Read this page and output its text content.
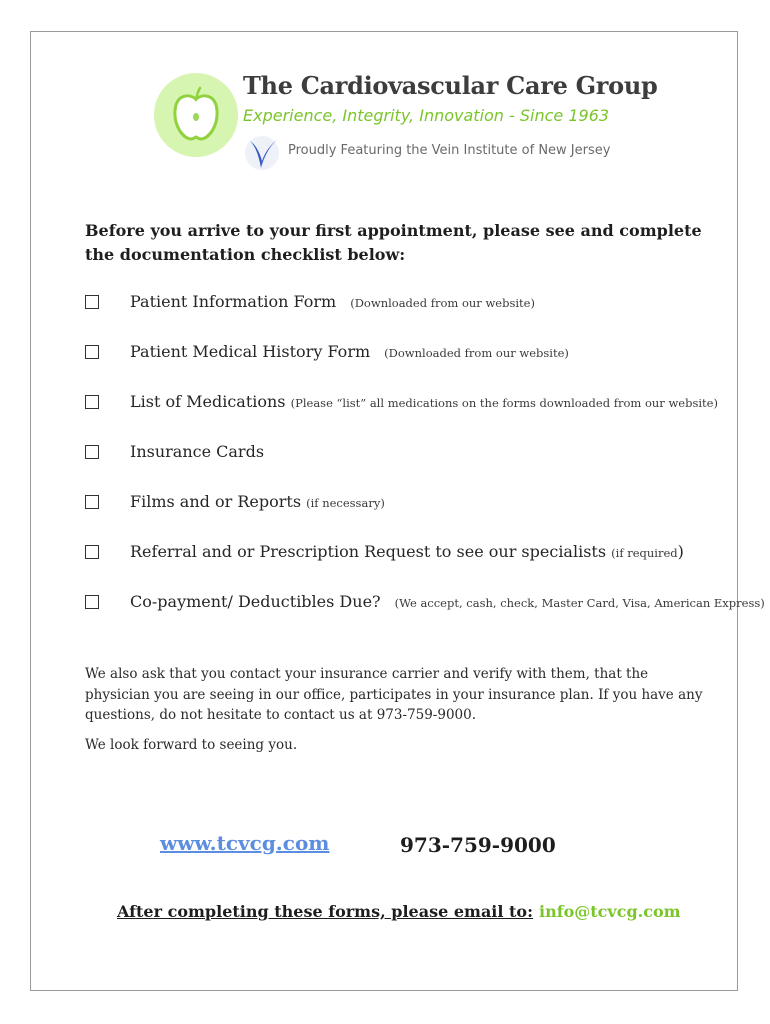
The Cardiovascular Care Group
Experience, Integrity, Innovation - Since 1963
Proudly Featuring the Vein Institute of New Jersey
Before you arrive to your first appointment, please see and complete the documentation checklist below:
Patient Information Form (Downloaded from our website)
Patient Medical History Form (Downloaded from our website)
List of Medications (Please “list” all medications on the forms downloaded from our website)
Insurance Cards
Films and or Reports (if necessary)
Referral and or Prescription Request to see our specialists (if required)
Co-payment/ Deductibles Due? (We accept, cash, check, Master Card, Visa, American Express)
We also ask that you contact your insurance carrier and verify with them, that the physician you are seeing in our office, participates in your insurance plan. If you have any questions, do not hesitate to contact us at 973-759-9000.
We look forward to seeing you.
www.tcvcg.com	973-759-9000
After completing these forms, please email to: info@tcvcg.com
